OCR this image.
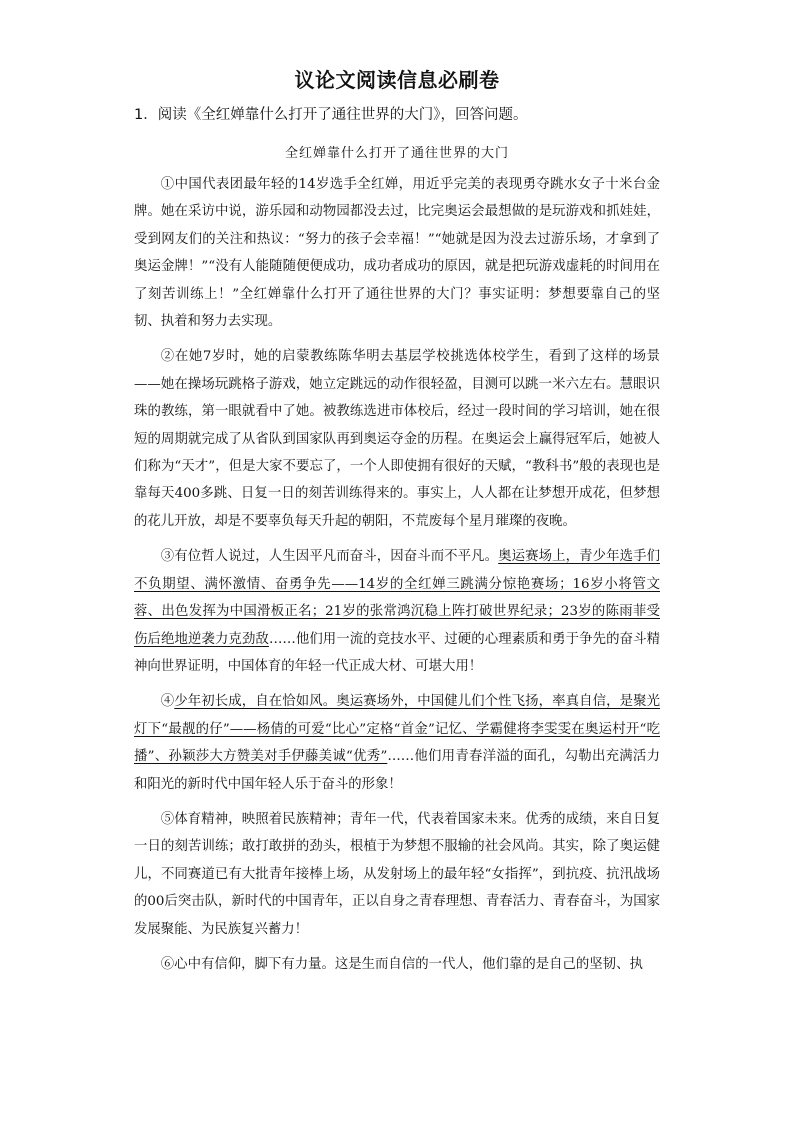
议论文阅读信息必刷卷
1．阅读《全红婵靠什么打开了通往世界的大门》，回答问题。
全红婵靠什么打开了通往世界的大门

①中国代表团最年轻的14岁选手全红婵，用近乎完美的表现勇夺跳水女子十米台金牌。她在采访中说，游乐园和动物园都没去过，比完奥运会最想做的是玩游戏和抓娃娃，受到网友们的关注和热议：“努力的孩子会幸福！”“她就是因为没去过游乐场，才拿到了奥运金牌！”“没有人能随随便便成功，成功者成功的原因，就是把玩游戏虚耗的时间用在了刻苦训练上！”全红婵靠什么打开了通往世界的大门？事实证明：梦想要靠自己的坚韧、执着和努力去实现。

②在她7岁时，她的启蒙教练陈华明去基层学校挑选体校学生，看到了这样的场景——她在操场玩跳格子游戏，她立定跳远的动作很轻盈，目测可以跳一米六左右。慧眼识珠的教练，第一眼就看中了她。被教练选进市体校后，经过一段时间的学习培训，她在很短的周期就完成了从省队到国家队再到奥运夺金的历程。在奥运会上赢得冠军后，她被人们称为“天才”，但是大家不要忘了，一个人即使拥有很好的天赋，“教科书”般的表现也是靠每天400多跳、日复一日的刻苦训练得来的。事实上，人人都在让梦想开成花，但梦想的花儿开放，却是不要辜负每天升起的朝阳，不荒废每个星月璀璨的夜晚。

③有位哲人说过，人生因平凡而奋斗，因奋斗而不平凡。奥运赛场上，青少年选手们不负期望、满怀激情、奋勇争先——14岁的全红婵三跳满分惊艳赛场；16岁小将管文蓉、出色发挥为中国滑板正名；21岁的张常鸿沉稳上阵打破世界纪录；23岁的陈雨菲受伤后绝地逆袭力克劲敌……他们用一流的竞技水平、过硬的心理素质和勇于争先的奋斗精神向世界证明，中国体育的年轻一代正成大材、可堪大用！

④少年初长成，自在恰如风。奥运赛场外，中国健儿们个性飞扬，率真自信，是聚光灯下“最靓的仔”——杨倩的可爱“比心”定格“首金”记忆、学霸健将李雯雯在奥运村开“吃播”、孙颖莎大方赞美对手伊藤美诚“优秀”……他们用青春洋溢的面孔，勾勒出充满活力和阳光的新时代中国年轻人乐于奋斗的形象！

⑤体育精神，映照着民族精神；青年一代，代表着国家未来。优秀的成绩，来自日复一日的刻苦训练；敢打敢拼的劲头，根植于为梦想不服输的社会风尚。其实，除了奥运健儿，不同赛道已有大批青年接棒上场，从发射场上的最年轻“女指挥”，到抗疫、抗汛战场的00后突击队，新时代的中国青年，正以自身之青春理想、青春活力、青春奋斗，为国家发展聚能、为民族复兴蓄力！

⑥心中有信仰，脚下有力量。这是生而自信的一代人，他们靠的是自己的坚韧、执
